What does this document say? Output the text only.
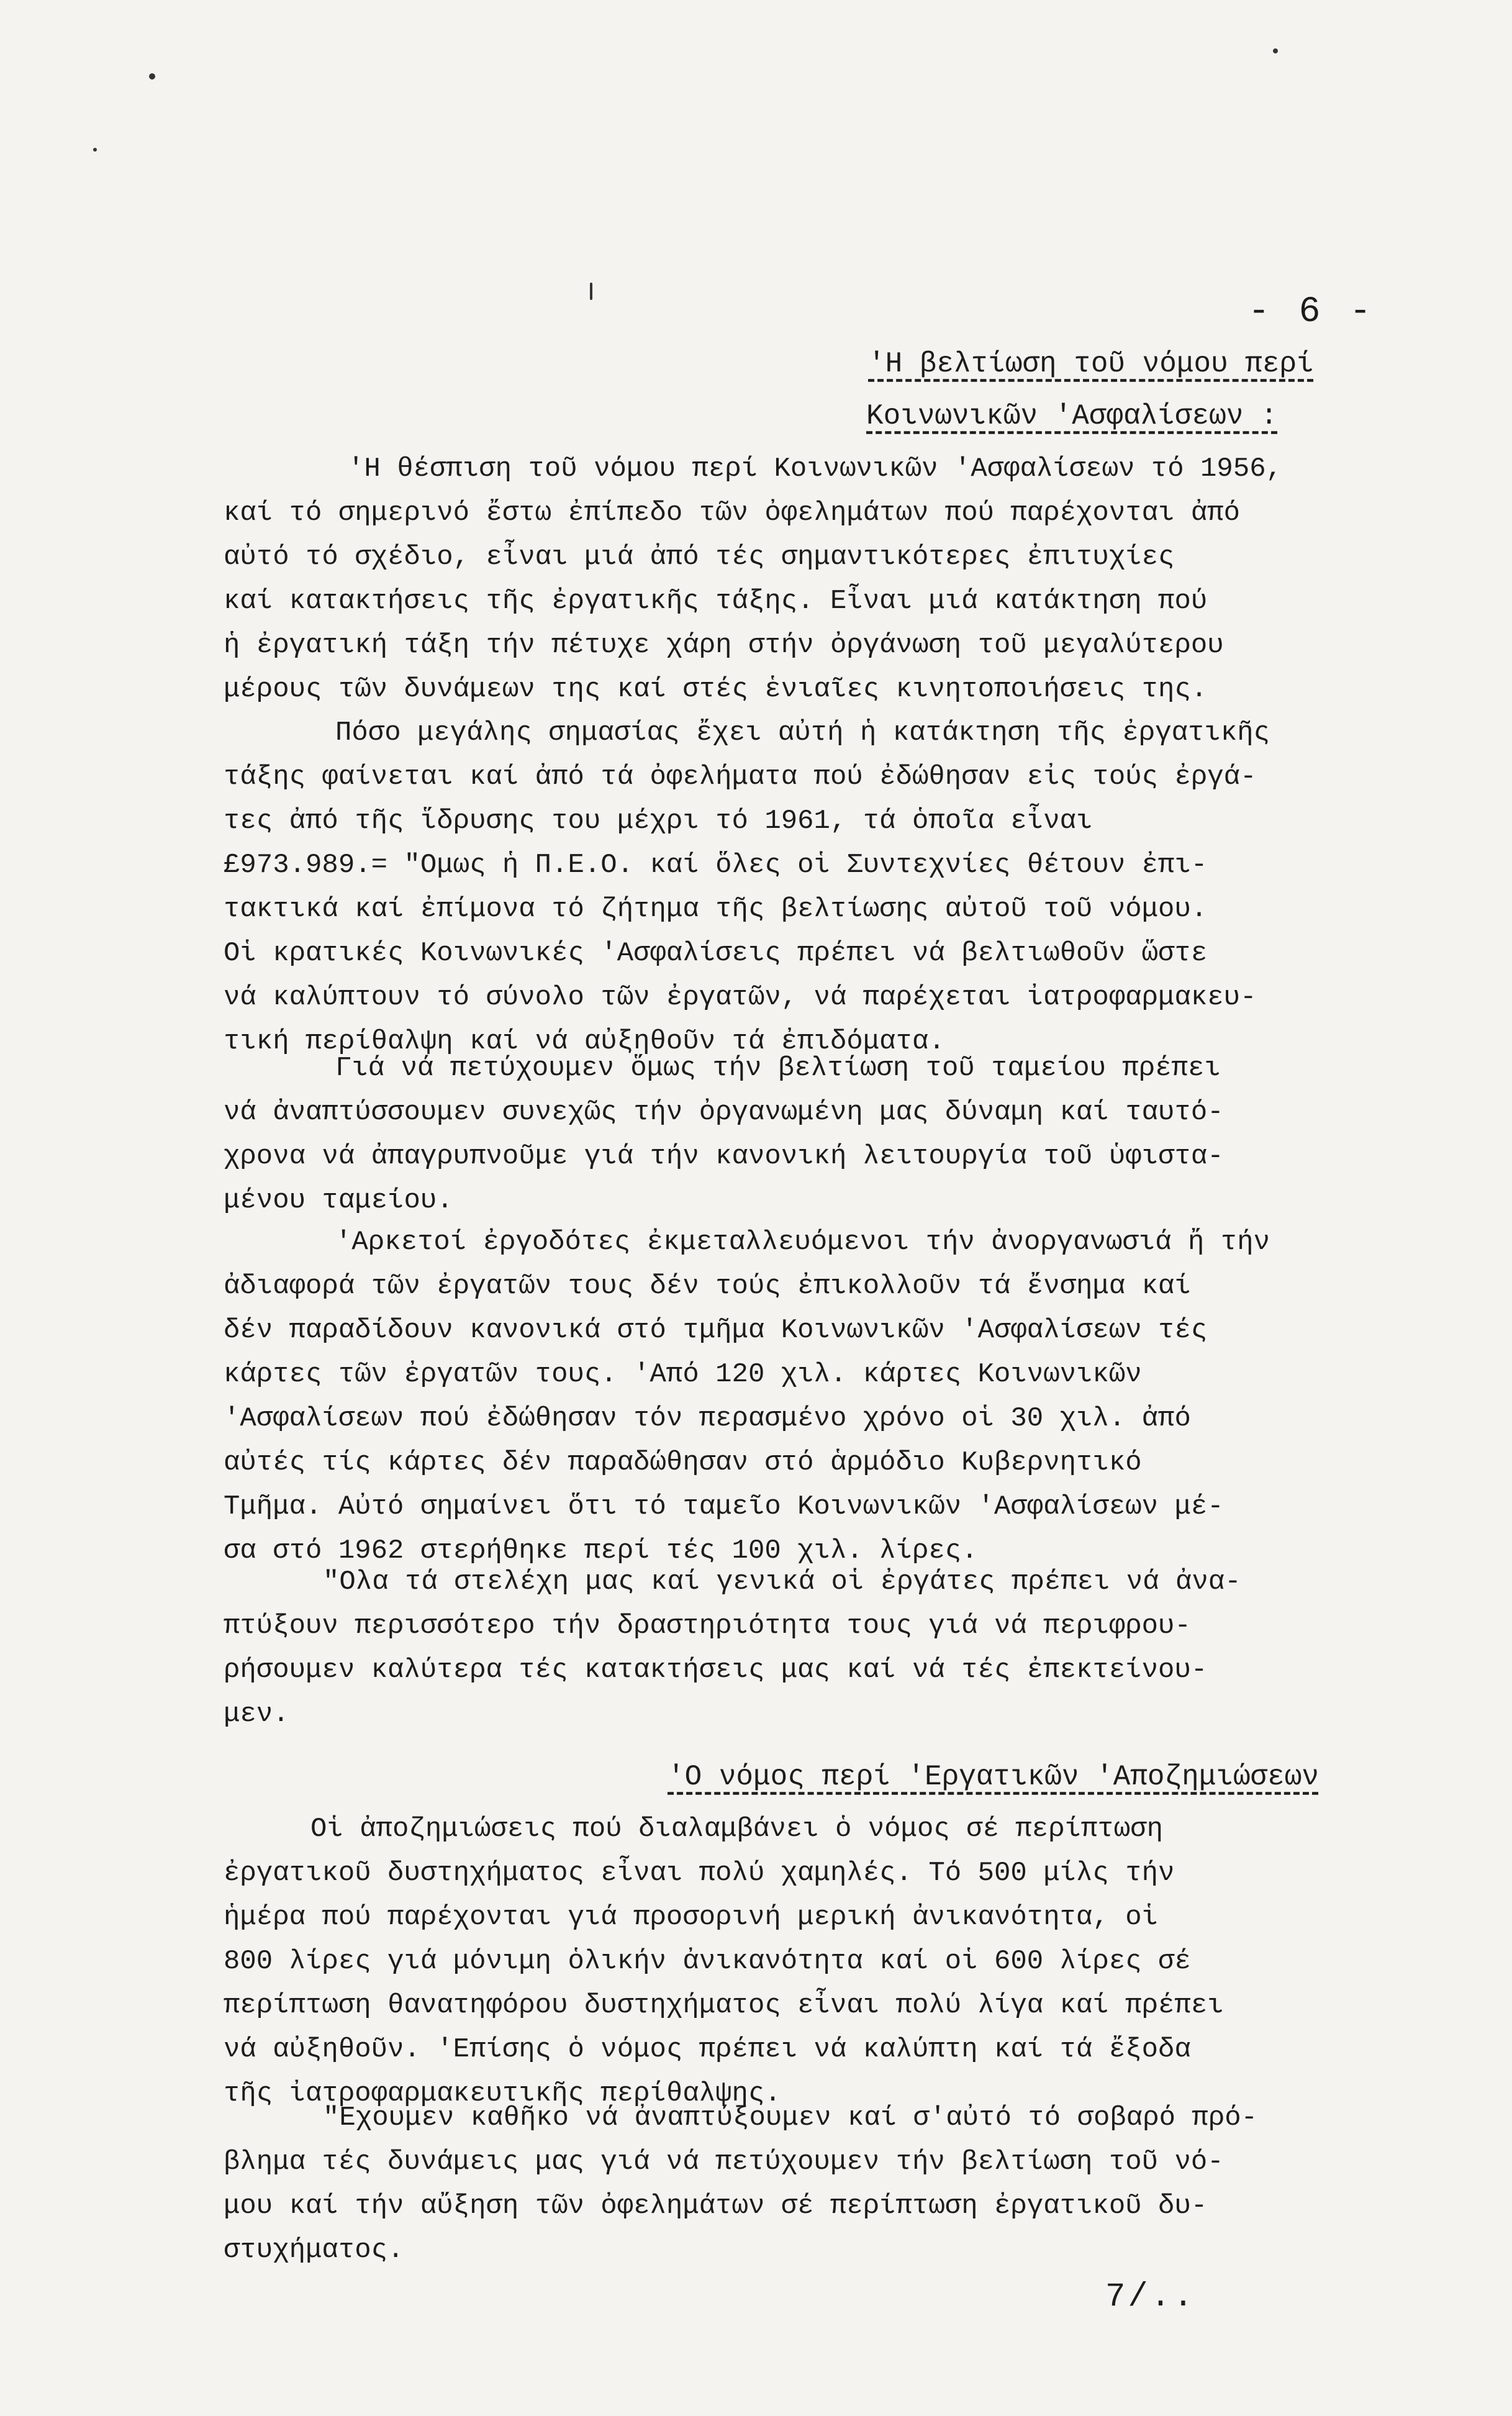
- 6 -
'Η βελτίωση τοῦ νόμου περί
Κοινωνικῶν 'Ασφαλίσεων :

'Η θέσπιση τοῦ νόμου περί Κοινωνικῶν 'Ασφαλίσεων τό 1956,

καί τό σημερινό ἔστω ἐπίπεδο τῶν ὀφελημάτων πού παρέχονται ἀπό

αὐτό τό σχέδιο, εἶναι μιά ἀπό τές σημαντικότερες ἐπιτυχίες

καί κατακτήσεις τῆς ἐργατικῆς τάξης. Εἶναι μιά κατάκτηση πού

ἡ ἐργατική τάξη τήν πέτυχε χάρη στήν ὀργάνωση τοῦ μεγαλύτερου

μέρους τῶν δυνάμεων της καί στές ἑνιαῖες κινητοποιήσεις της.

Πόσο μεγάλης σημασίας ἔχει αὐτή ἡ κατάκτηση τῆς ἐργατικῆς

τάξης φαίνεται καί ἀπό τά ὀφελήματα πού ἐδώθησαν εἰς τούς ἐργά-

τες ἀπό τῆς ἵδρυσης του μέχρι τό 1961, τά ὁποῖα εἶναι

£973.989.= "Ομως ἡ Π.Ε.Ο. καί ὅλες οἱ Συντεχνίες θέτουν ἐπι-

τακτικά καί ἐπίμονα τό ζήτημα τῆς βελτίωσης αὐτοῦ τοῦ νόμου.

Οἱ κρατικές Κοινωνικές 'Ασφαλίσεις πρέπει νά βελτιωθοῦν ὥστε

νά καλύπτουν τό σύνολο τῶν ἐργατῶν, νά παρέχεται ἰατροφαρμακευ-

τική περίθαλψη καί νά αὐξηθοῦν τά ἐπιδόματα.

Γιά νά πετύχουμεν ὅμως τήν βελτίωση τοῦ ταμείου πρέπει

νά ἀναπτύσσουμεν συνεχῶς τήν ὀργανωμένη μας δύναμη καί ταυτό-

χρονα νά ἀπαγρυπνοῦμε γιά τήν κανονική λειτουργία τοῦ ὑφιστα-

μένου ταμείου.

'Αρκετοί ἐργοδότες ἐκμεταλλευόμενοι τήν ἀνοργανωσιά ἤ τήν

ἀδιαφορά τῶν ἐργατῶν τους δέν τούς ἐπικολλοῦν τά ἔνσημα καί

δέν παραδίδουν κανονικά στό τμῆμα Κοινωνικῶν 'Ασφαλίσεων τές

κάρτες τῶν ἐργατῶν τους. 'Από 120 χιλ. κάρτες Κοινωνικῶν

'Ασφαλίσεων πού ἐδώθησαν τόν περασμένο χρόνο οἱ 30 χιλ. ἀπό

αὐτές τίς κάρτες δέν παραδώθησαν στό ἁρμόδιο Κυβερνητικό

Τμῆμα. Αὐτό σημαίνει ὅτι τό ταμεῖο Κοινωνικῶν 'Ασφαλίσεων μέ-

σα στό 1962 στερήθηκε περί τές 100 χιλ. λίρες.

"Ολα τά στελέχη μας καί γενικά οἱ ἐργάτες πρέπει νά ἀνα-

πτύξουν περισσότερο τήν δραστηριότητα τους γιά νά περιφρου-

ρήσουμεν καλύτερα τές κατακτήσεις μας καί νά τές ἐπεκτείνου-

μεν.

'Ο νόμος περί 'Εργατικῶν 'Αποζημιώσεων

Οἱ ἀποζημιώσεις πού διαλαμβάνει ὁ νόμος σέ περίπτωση

ἐργατικοῦ δυστηχήματος εἶναι πολύ χαμηλές. Τό 500 μίλς τήν

ἡμέρα πού παρέχονται γιά προσορινή μερική ἀνικανότητα, οἱ

800 λίρες γιά μόνιμη ὁλικήν ἀνικανότητα καί οἱ 600 λίρες σέ

περίπτωση θανατηφόρου δυστηχήματος εἶναι πολύ λίγα καί πρέπει

νά αὐξηθοῦν. 'Επίσης ὁ νόμος πρέπει νά καλύπτη καί τά ἔξοδα

τῆς ἰατροφαρμακευτικῆς περίθαλψης.

"Εχουμεν καθῆκο νά ἀναπτύξουμεν καί σ'αὐτό τό σοβαρό πρό-

βλημα τές δυνάμεις μας γιά νά πετύχουμεν τήν βελτίωση τοῦ νό-

μου καί τήν αὔξηση τῶν ὀφελημάτων σέ περίπτωση ἐργατικοῦ δυ-

στυχήματος.

7/..
